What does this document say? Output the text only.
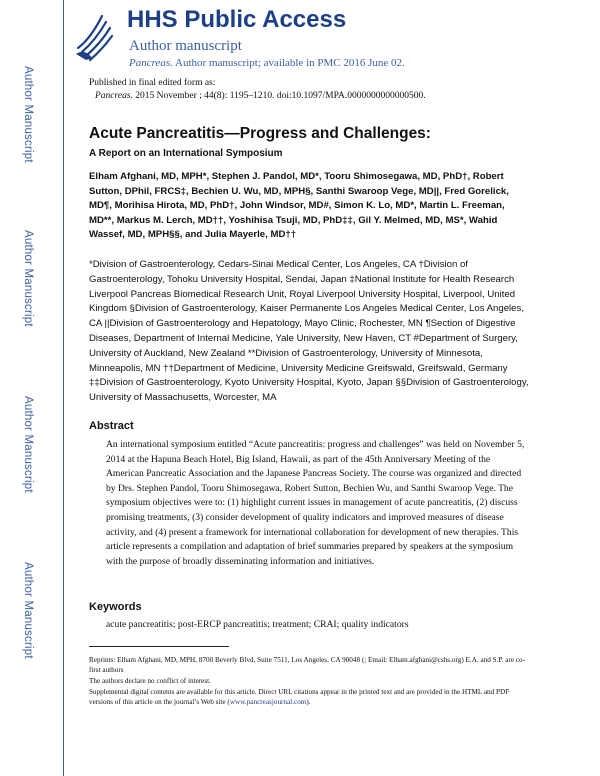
Author Manuscript
Author Manuscript
Author Manuscript
Author Manuscript
HHS Public Access
Author manuscript
Pancreas. Author manuscript; available in PMC 2016 June 02.
Published in final edited form as:
Pancreas. 2015 November ; 44(8): 1195–1210. doi:10.1097/MPA.0000000000000500.
Acute Pancreatitis—Progress and Challenges:
A Report on an International Symposium
Elham Afghani, MD, MPH*, Stephen J. Pandol, MD*, Tooru Shimosegawa, MD, PhD†, Robert Sutton, DPhil, FRCS‡, Bechien U. Wu, MD, MPH§, Santhi Swaroop Vege, MD||, Fred Gorelick, MD¶, Morihisa Hirota, MD, PhD†, John Windsor, MD#, Simon K. Lo, MD*, Martin L. Freeman, MD**, Markus M. Lerch, MD††, Yoshihisa Tsuji, MD, PhD‡‡, Gil Y. Melmed, MD, MS*, Wahid Wassef, MD, MPH§§, and Julia Mayerle, MD††
*Division of Gastroenterology, Cedars-Sinai Medical Center, Los Angeles, CA †Division of Gastroenterology, Tohoku University Hospital, Sendai, Japan ‡National Institute for Health Research Liverpool Pancreas Biomedical Research Unit, Royal Liverpool University Hospital, Liverpool, United Kingdom §Division of Gastroenterology, Kaiser Permanente Los Angeles Medical Center, Los Angeles, CA ||Division of Gastroenterology and Hepatology, Mayo Clinic, Rochester, MN ¶Section of Digestive Diseases, Department of Internal Medicine, Yale University, New Haven, CT #Department of Surgery, University of Auckland, New Zealand **Division of Gastroenterology, University of Minnesota, Minneapolis, MN ††Department of Medicine, University Medicine Greifswald, Greifswald, Germany ‡‡Division of Gastroenterology, Kyoto University Hospital, Kyoto, Japan §§Division of Gastroenterology, University of Massachusetts, Worcester, MA
Abstract
An international symposium entitled “Acute pancreatitis: progress and challenges” was held on November 5, 2014 at the Hapuna Beach Hotel, Big Island, Hawaii, as part of the 45th Anniversary Meeting of the American Pancreatic Association and the Japanese Pancreas Society. The course was organized and directed by Drs. Stephen Pandol, Tooru Shimosegawa, Robert Sutton, Bechien Wu, and Santhi Swaroop Vege. The symposium objectives were to: (1) highlight current issues in management of acute pancreatitis, (2) discuss promising treatments, (3) consider development of quality indicators and improved measures of disease activity, and (4) present a framework for international collaboration for development of new therapies. This article represents a compilation and adaptation of brief summaries prepared by speakers at the symposium with the purpose of broadly disseminating information and initiatives.
Keywords
acute pancreatitis; post-ERCP pancreatitis; treatment; CRAI; quality indicators
Reprints: Elham Afghani, MD, MPH, 8700 Beverly Blvd, Suite 7511, Los Angeles, CA 90048 (; Email: Elham.afghani@cshs.org) E.A. and S.P. are co-first authors
The authors declare no conflict of interest.
Supplemental digital contents are available for this article. Direct URL citations appear in the printed text and are provided in the HTML and PDF versions of this article on the journal’s Web site (www.pancreasjournal.com).
